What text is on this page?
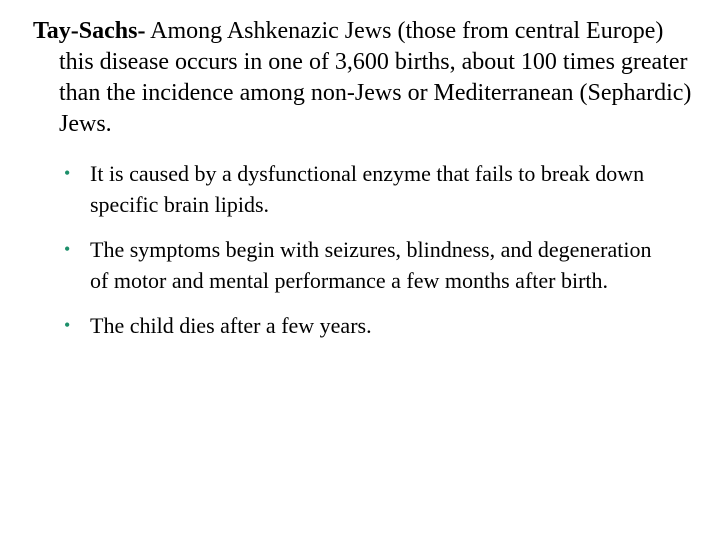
Tay-Sachs- Among Ashkenazic Jews (those from central Europe) this disease occurs in one of 3,600 births, about 100 times greater than the incidence among non-Jews or Mediterranean (Sephardic) Jews.

• It is caused by a dysfunctional enzyme that fails to break down specific brain lipids.
• The symptoms begin with seizures, blindness, and degeneration of motor and mental performance a few months after birth.
• The child dies after a few years.
